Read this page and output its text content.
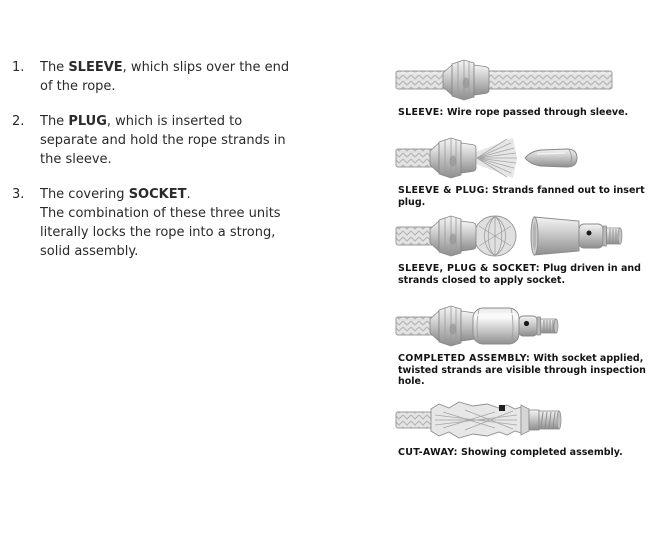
1.	The SLEEVE, which slips over the end
of the rope.
2.	The PLUG, which is inserted to
separate and hold the rope strands in
the sleeve.
3.	The covering SOCKET.
The combination of these three units
literally locks the rope into a strong,
solid assembly.
SLEEVE: Wire rope passed through sleeve.
SLEEVE & PLUG: Strands fanned out to insert plug.
SLEEVE, PLUG & SOCKET: Plug driven in and strands closed to apply socket.
COMPLETED ASSEMBLY: With socket applied, twisted strands are visible through inspection hole.
CUT-AWAY: Showing completed assembly.
